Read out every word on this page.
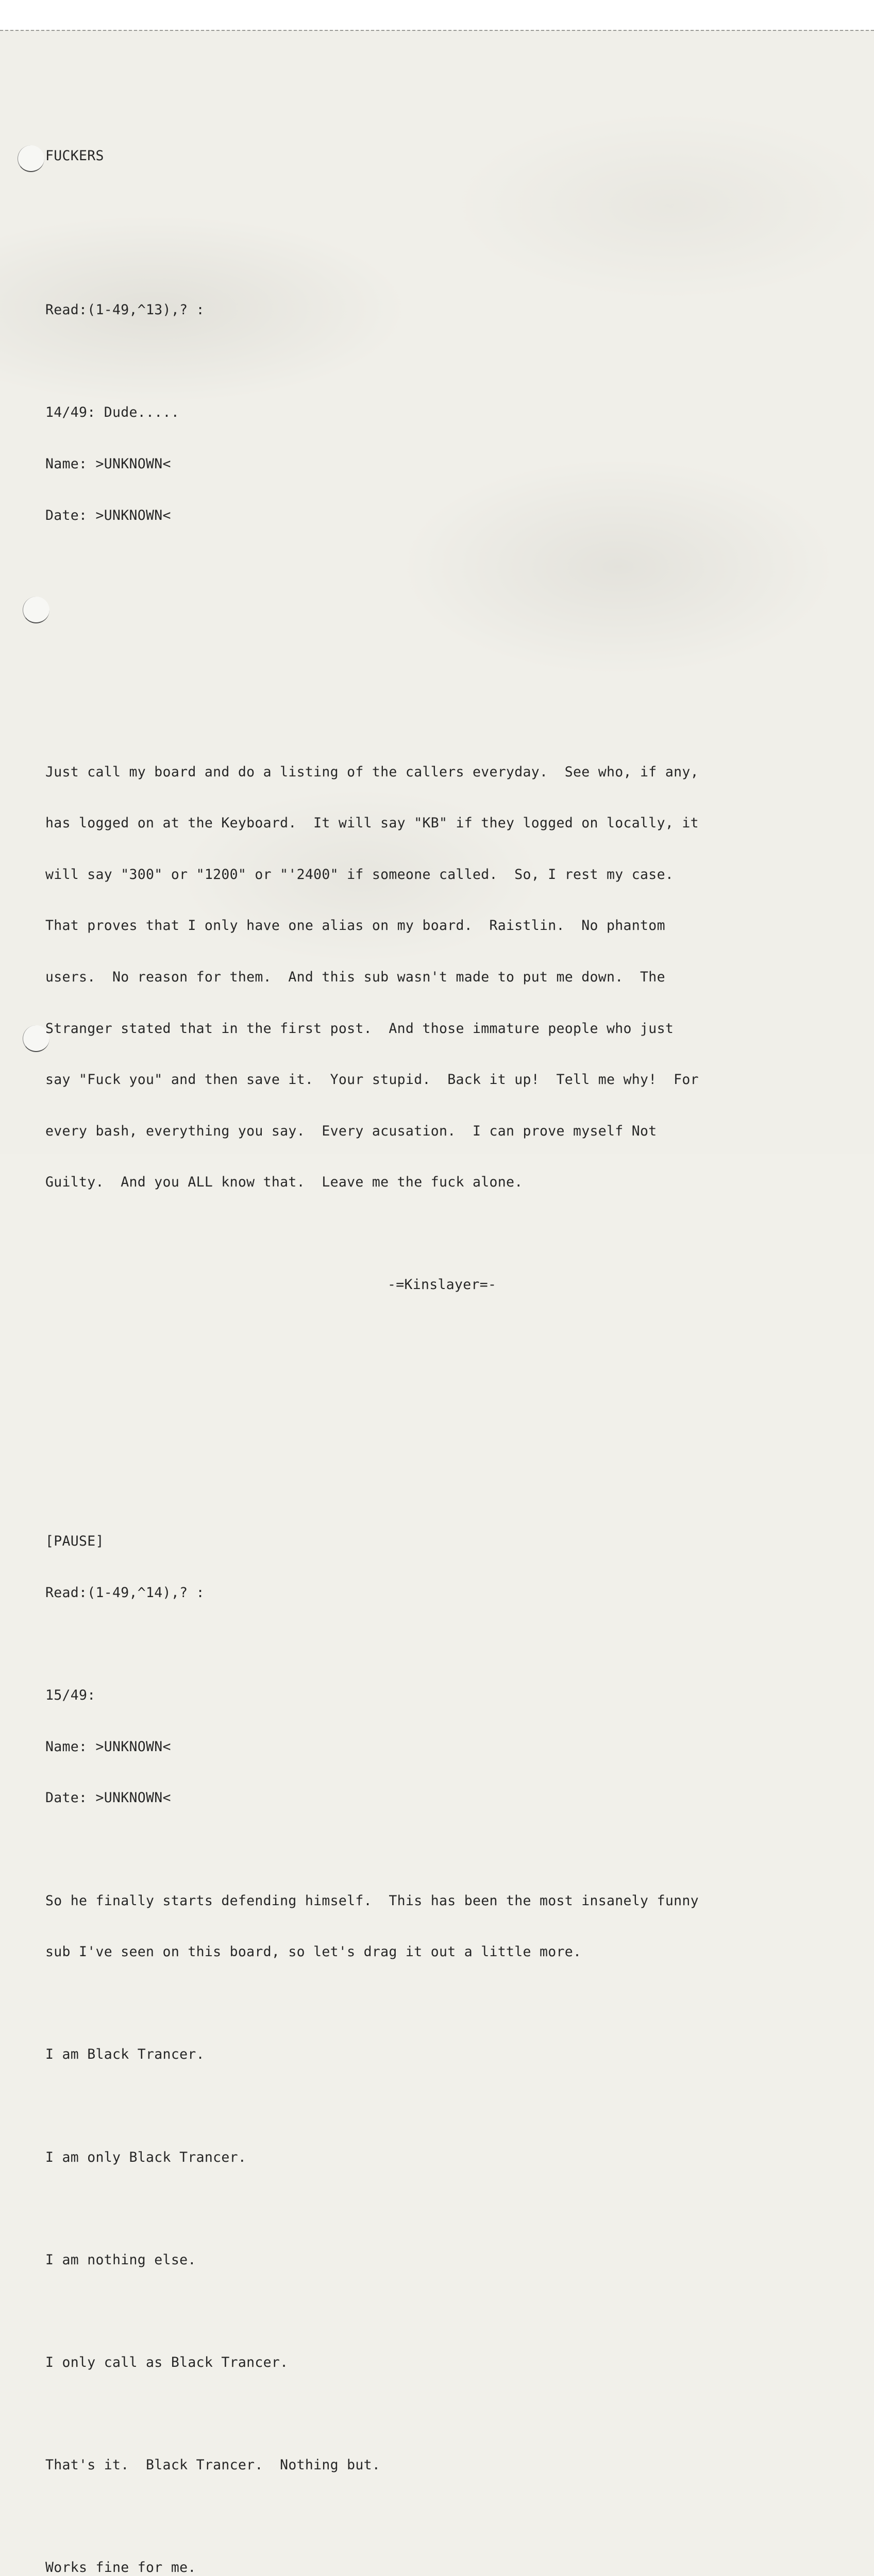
FUCKERS

Read:(1-49,^13),? :

14/49: Dude.....

Name: >UNKNOWN<

Date: >UNKNOWN<

Just call my board and do a listing of the callers everyday.  See who, if any,

has logged on at the Keyboard.  It will say "KB" if they logged on locally, it

will say "300" or "1200" or "'2400" if someone called.  So, I rest my case.

That proves that I only have one alias on my board.  Raistlin.  No phantom

users.  No reason for them.  And this sub wasn't made to put me down.  The

Stranger stated that in the first post.  And those immature people who just

say "Fuck you" and then save it.  Your stupid.  Back it up!  Tell me why!  For

every bash, everything you say.  Every acusation.  I can prove myself Not

Guilty.  And you ALL know that.  Leave me the fuck alone.

-=Kinslayer=-

[PAUSE]

Read:(1-49,^14),? :

15/49:

Name: >UNKNOWN<

Date: >UNKNOWN<

So he finally starts defending himself.  This has been the most insanely funny

sub I've seen on this board, so let's drag it out a little more.

I am Black Trancer.

I am only Black Trancer.

I am nothing else.

I only call as Black Trancer.

That's it.  Black Trancer.  Nothing but.

Works fine for me.
